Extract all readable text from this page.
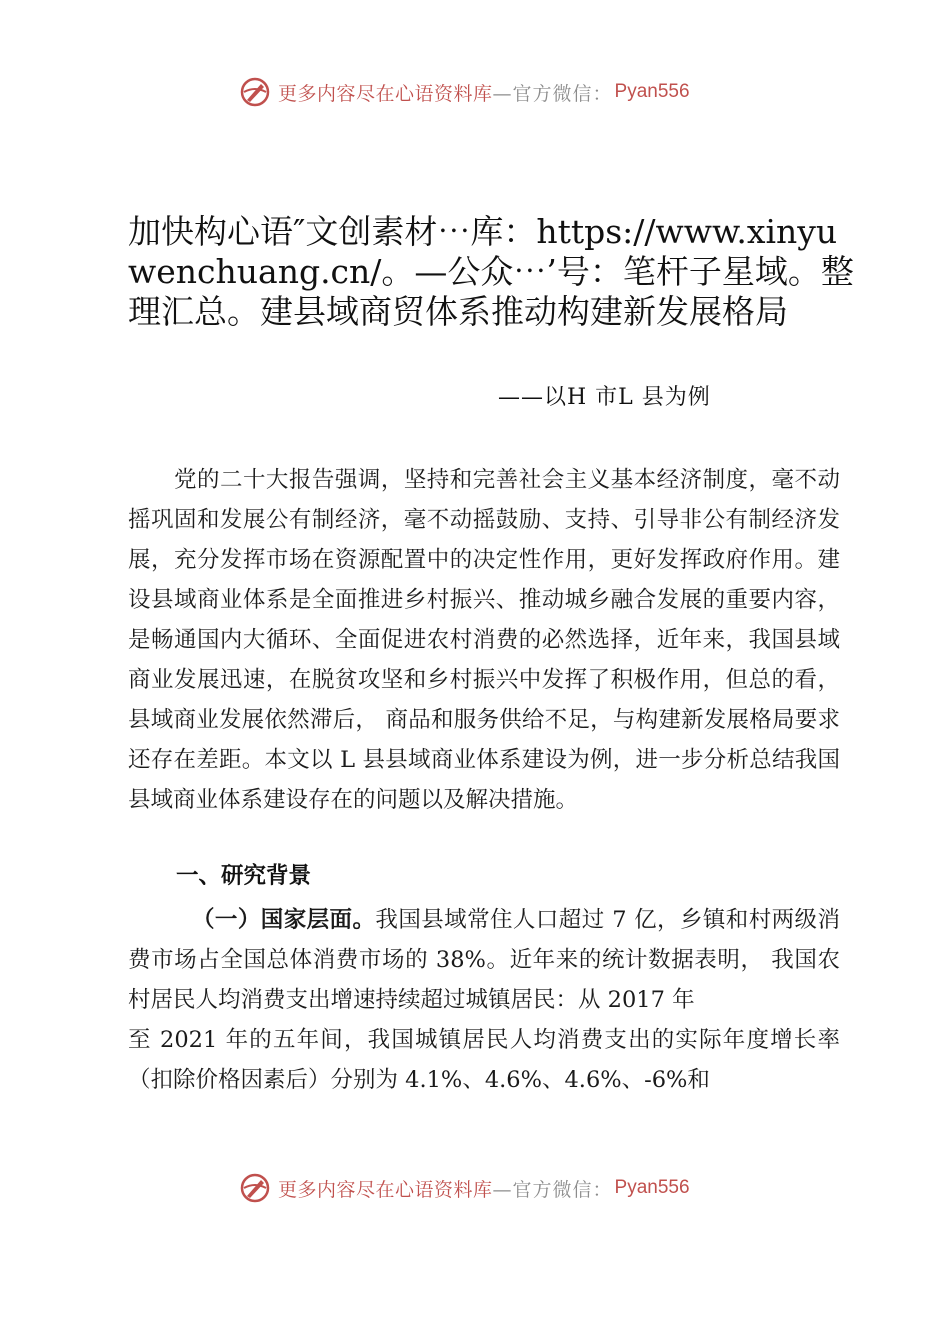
更多内容尽在心语资料库 —官方微信： Pyan556
加快构心语″文创素材⋯库：https://www.xinyuwenchuang.cn/。—公众⋯’号：笔杆子星域。整理汇总。建县域商贸体系推动构建新发展格局
——以H 市L 县为例

党的二十大报告强调，坚持和完善社会主义基本经济制度，毫不动摇巩固和发展公有制经济，毫不动摇鼓励、支持、引导非公有制经济发展，充分发挥市场在资源配置中的决定性作用，更好发挥政府作用。建设县域商业体系是全面推进乡村振兴、推动城乡融合发展的重要内容，是畅通国内大循环、全面促进农村消费的必然选择，近年来，我国县域商业发展迅速，在脱贫攻坚和乡村振兴中发挥了积极作用，但总的看，县域商业发展依然滞后， 商品和服务供给不足，与构建新发展格局要求还存在差距。本文以 L 县县域商业体系建设为例，进一步分析总结我国县域商业体系建设存在的问题以及解决措施。

一、研究背景

（一）国家层面。我国县域常住人口超过 7 亿，乡镇和村两级消费市场占全国总体消费市场的 38%。近年来的统计数据表明， 我国农村居民人均消费支出增速持续超过城镇居民：从 2017 年
至 2021 年的五年间，我国城镇居民人均消费支出的实际年度增长率（扣除价格因素后）分别为 4.1%、4.6%、4.6%、-6%和

更多内容尽在心语资料库 —官方微信： Pyan556
